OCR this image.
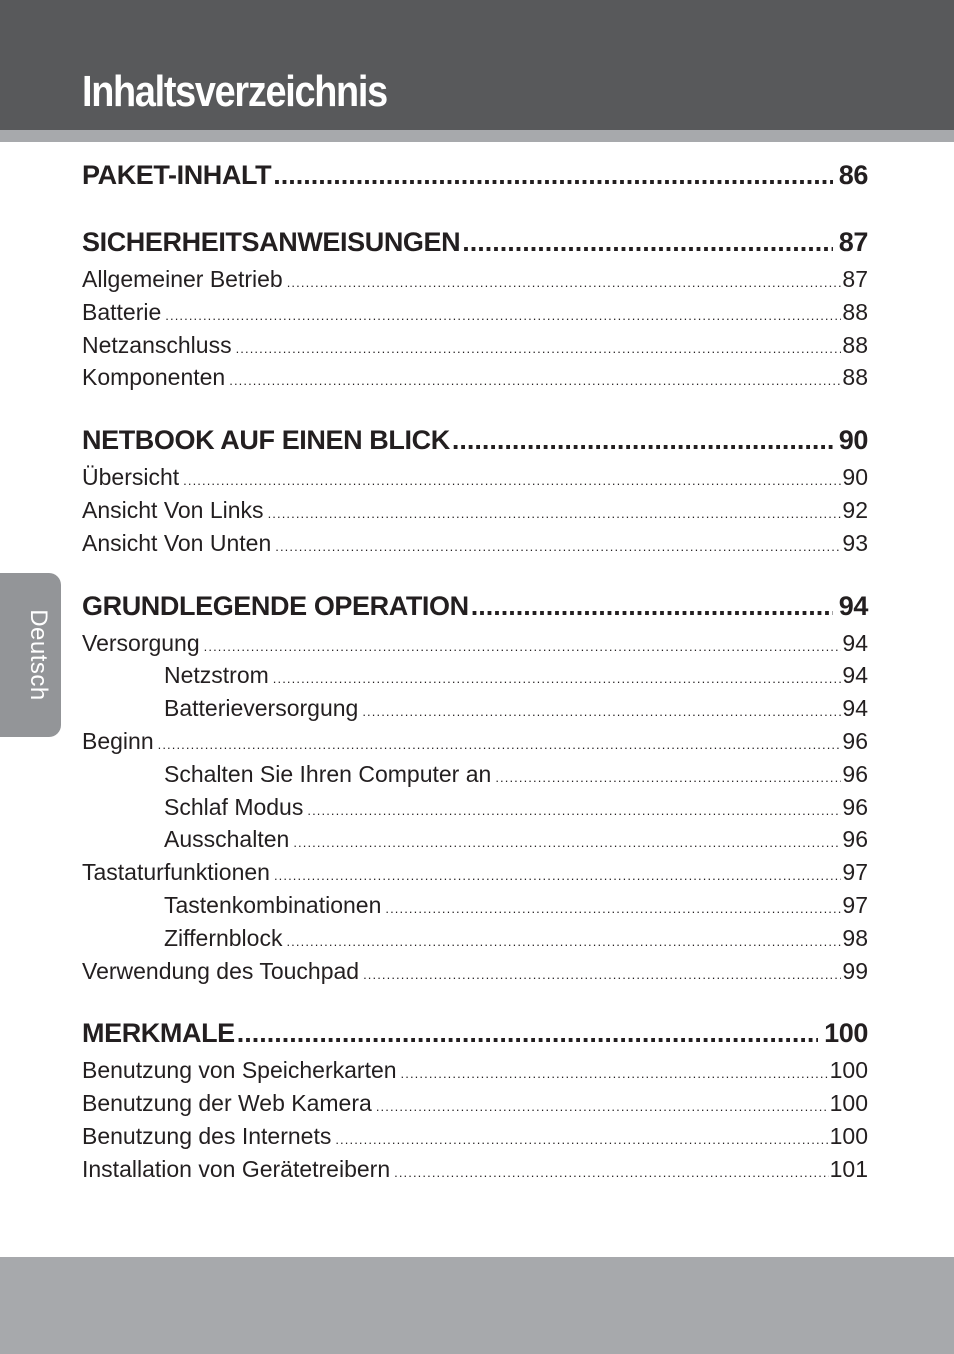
Inhaltsverzeichnis
Deutsch
PAKET-INHALT .....	86
SICHERHEITSANWEISUNGEN .....	87
Allgemeiner Betrieb .....	87
Batterie .....	88
Netzanschluss .....	88
Komponenten .....	88
NETBOOK AUF EINEN BLICK .....	90
Übersicht .....	90
Ansicht Von Links .....	92
Ansicht Von Unten .....	93
GRUNDLEGENDE OPERATION .....	94
Versorgung .....	94
Netzstrom .....	94
Batterieversorgung .....	94
Beginn .....	96
Schalten Sie Ihren Computer an .....	96
Schlaf Modus .....	96
Ausschalten .....	96
Tastaturfunktionen .....	97
Tastenkombinationen .....	97
Ziffernblock .....	98
Verwendung des Touchpad .....	99
MERKMALE .....	100
Benutzung von Speicherkarten .....	100
Benutzung der Web Kamera .....	100
Benutzung des Internets .....	100
Installation von Gerätetreibern .....	101
